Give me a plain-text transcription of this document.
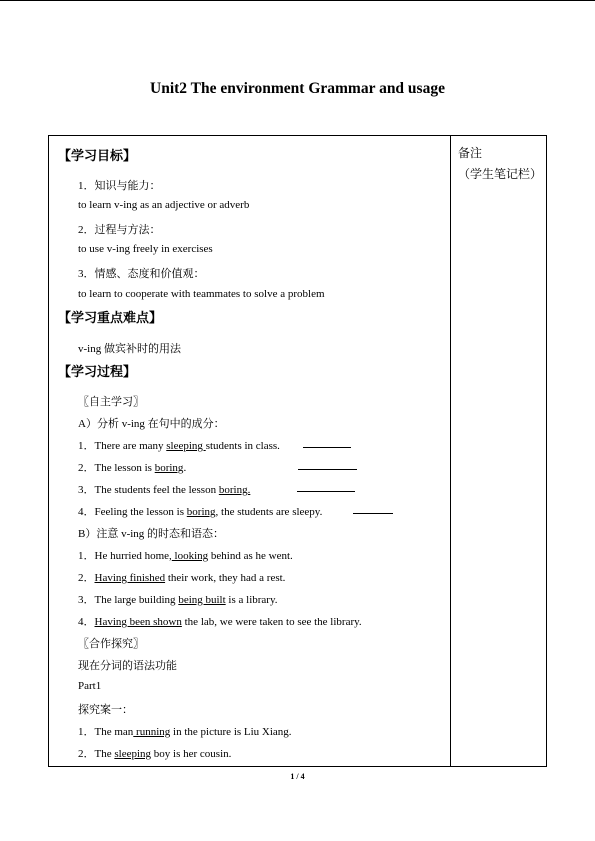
Unit2 The environment Grammar and usage
备注
（学生笔记栏）
【学习目标】
1．知识与能力：
to learn v-ing as an adjective or adverb
2．过程与方法：
to use v-ing freely in exercises
3．情感、态度和价值观：
to learn to cooperate with teammates to solve a problem
【学习重点难点】
v-ing 做宾补时的用法
【学习过程】
〖自主学习〗
A）分析 v-ing 在句中的成分：
1．There are many sleeping students in class.
2．The lesson is boring.
3．The students feel the lesson boring.
4．Feeling the lesson is boring, the students are sleepy.
B）注意 v-ing 的时态和语态：
1．He hurried home, looking behind as he went.
2．Having finished their work, they had a rest.
3．The large building being built is a library.
4．Having been shown the lab, we were taken to see the library.
〖合作探究〗
现在分词的语法功能
Part1
探究案一：
1．The man running in the picture is Liu Xiang.
2．The sleeping boy is her cousin.
1 / 4
